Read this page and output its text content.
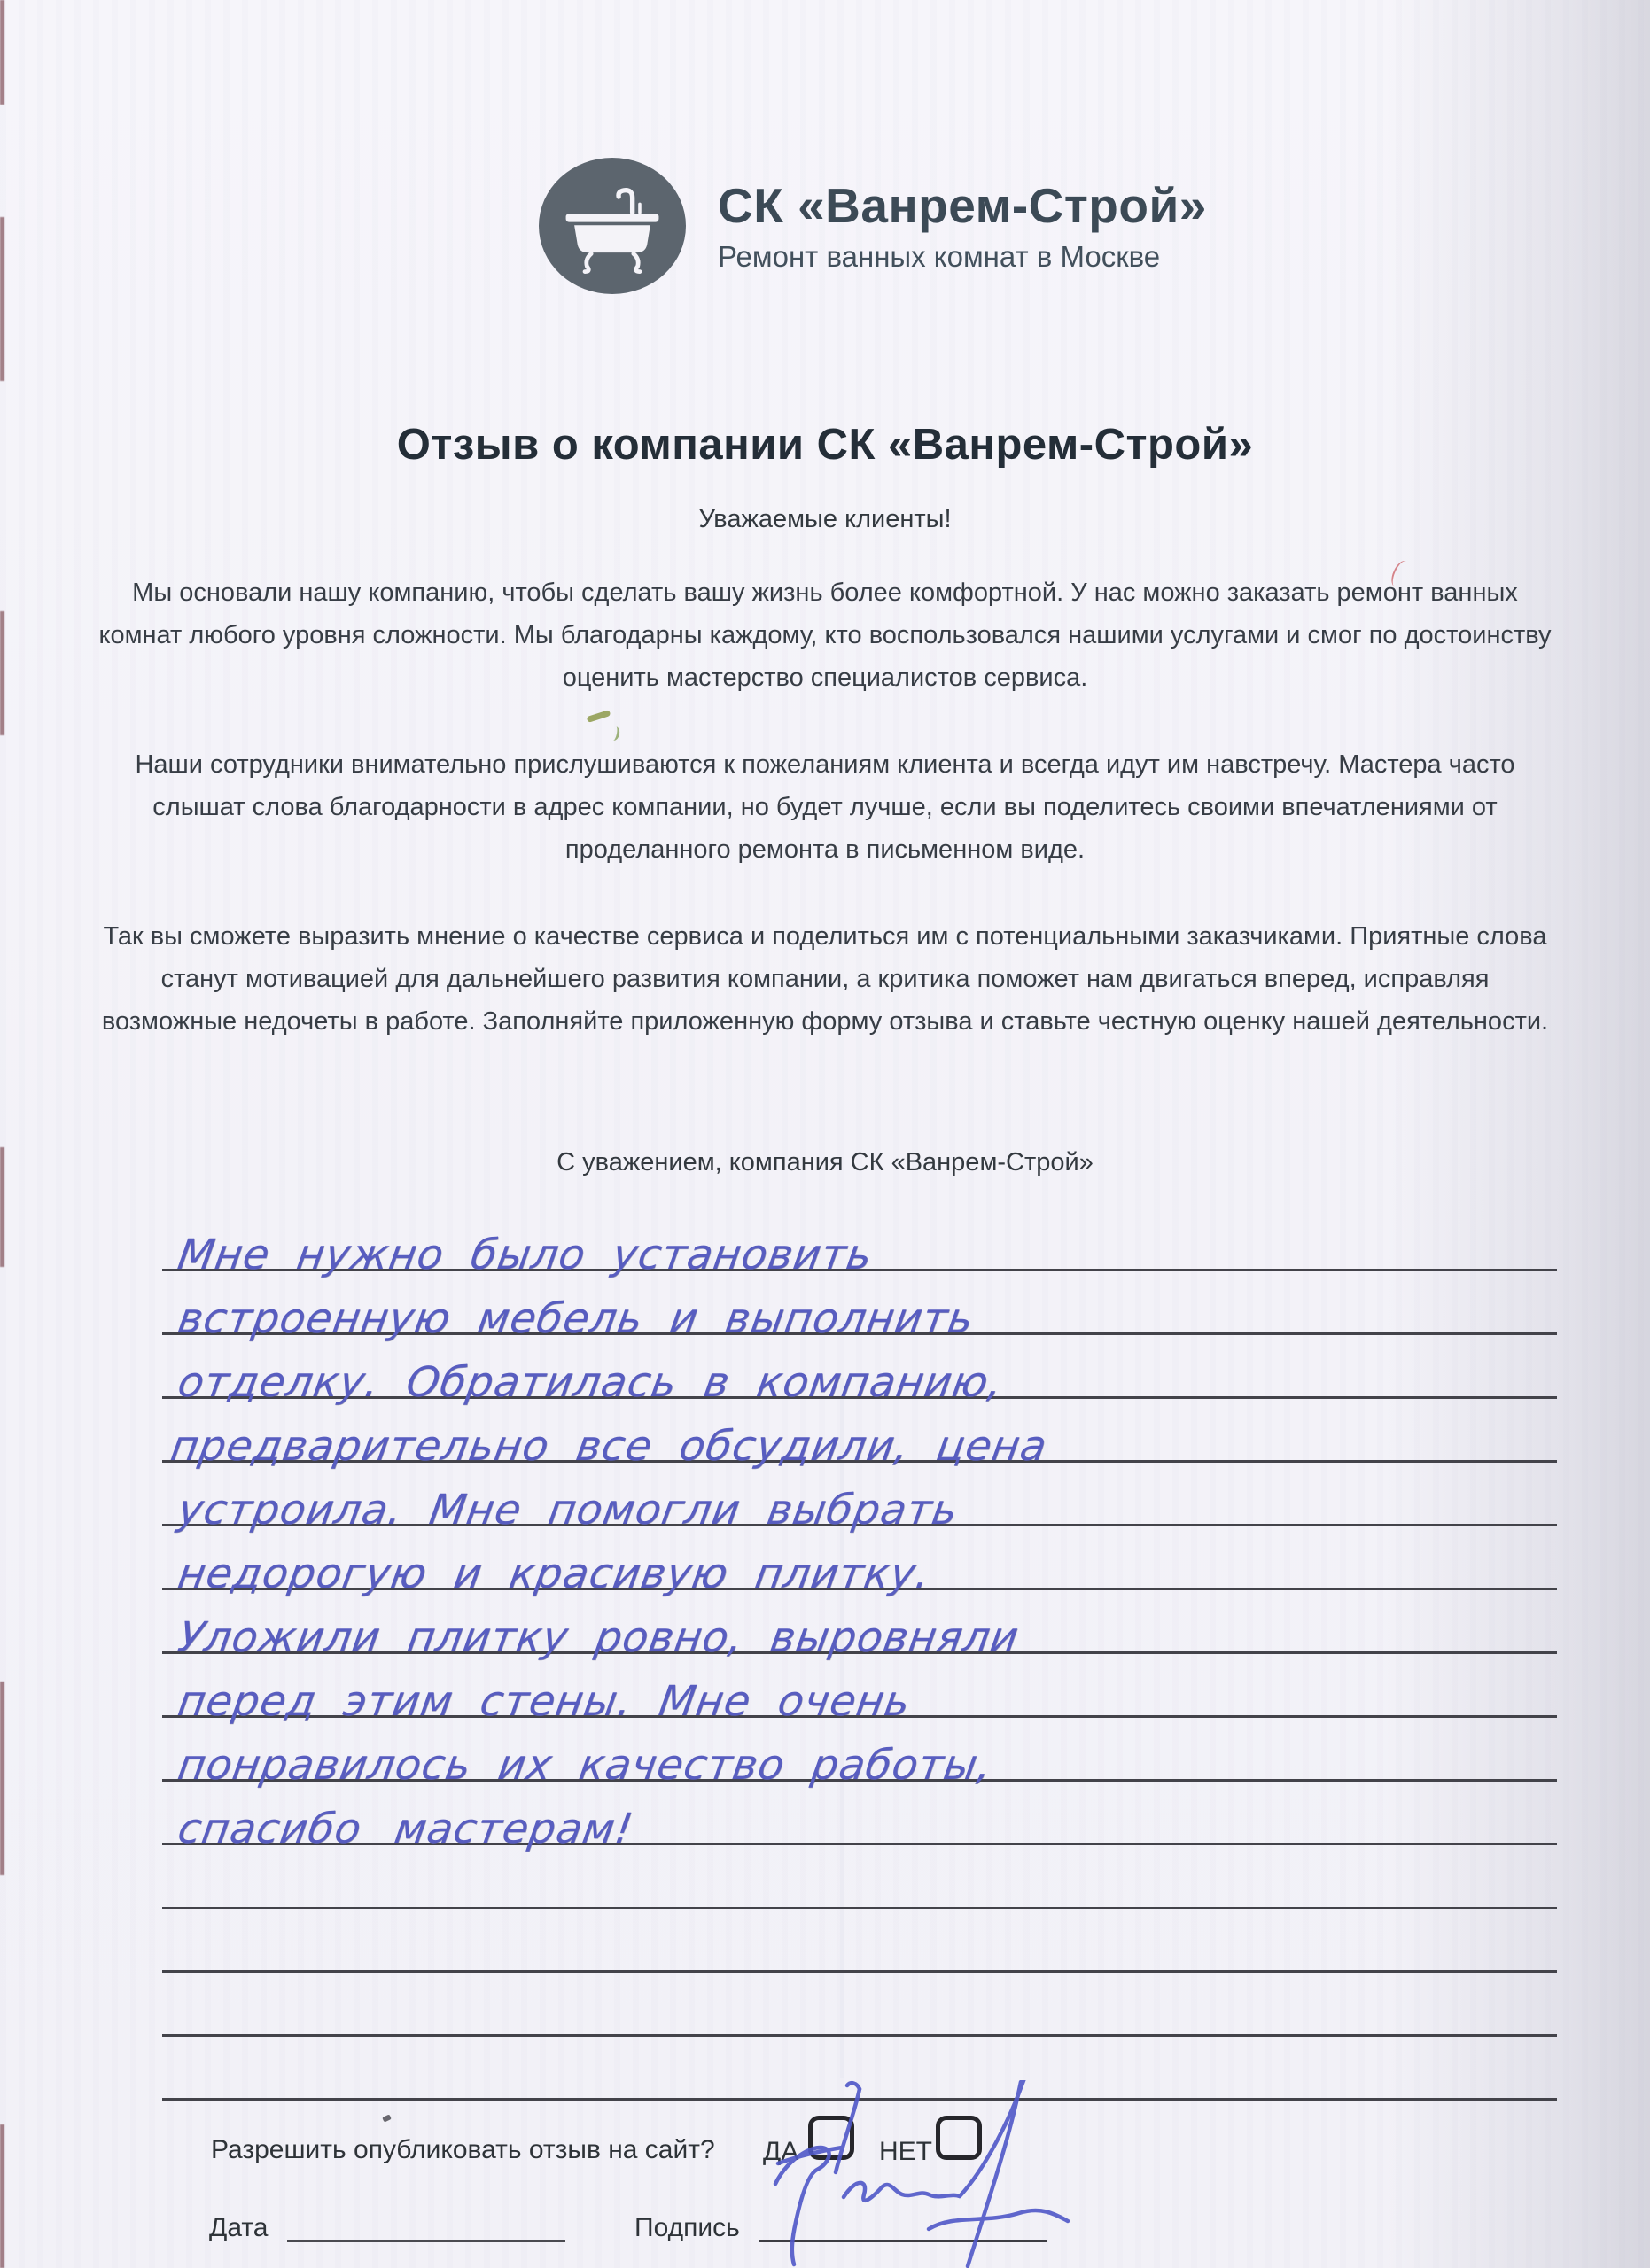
СК «Ванрем-Строй»
Ремонт ванных комнат в Москве
Отзыв о компании СК «Ванрем-Строй»
Уважаемые клиенты!
Мы основали нашу компанию, чтобы сделать вашу жизнь более комфортной. У нас можно заказать ремонт ванных комнат любого уровня сложности. Мы благодарны каждому, кто воспользовался нашими услугами и смог по достоинству оценить мастерство специалистов сервиса.
Наши сотрудники внимательно прислушиваются к пожеланиям клиента и всегда идут им навстречу. Мастера часто слышат слова благодарности в адрес компании, но будет лучше, если вы поделитесь своими впечатлениями от проделанного ремонта в письменном виде.
Так вы сможете выразить мнение о качестве сервиса и поделиться им с потенциальными заказчиками. Приятные слова станут мотивацией для дальнейшего развития компании, а критика поможет нам двигаться вперед, исправляя возможные недочеты в работе. Заполняйте приложенную форму отзыва и ставьте честную оценку нашей деятельности.
С уважением, компания СК «Ванрем-Строй»
Мне нужно было установить
встроенную мебель и выполнить
отделку. Обратилась в компанию,
предварительно все обсудили, цена
устроила. Мне помогли выбрать
недорогую и красивую плитку.
Уложили плитку ровно, выровняли
перед этим стены. Мне очень
понравилось их качество работы,
спасибо мастерам!
Разрешить опубликовать отзыв на сайт? ДА	НЕТ
Дата	Подпись
